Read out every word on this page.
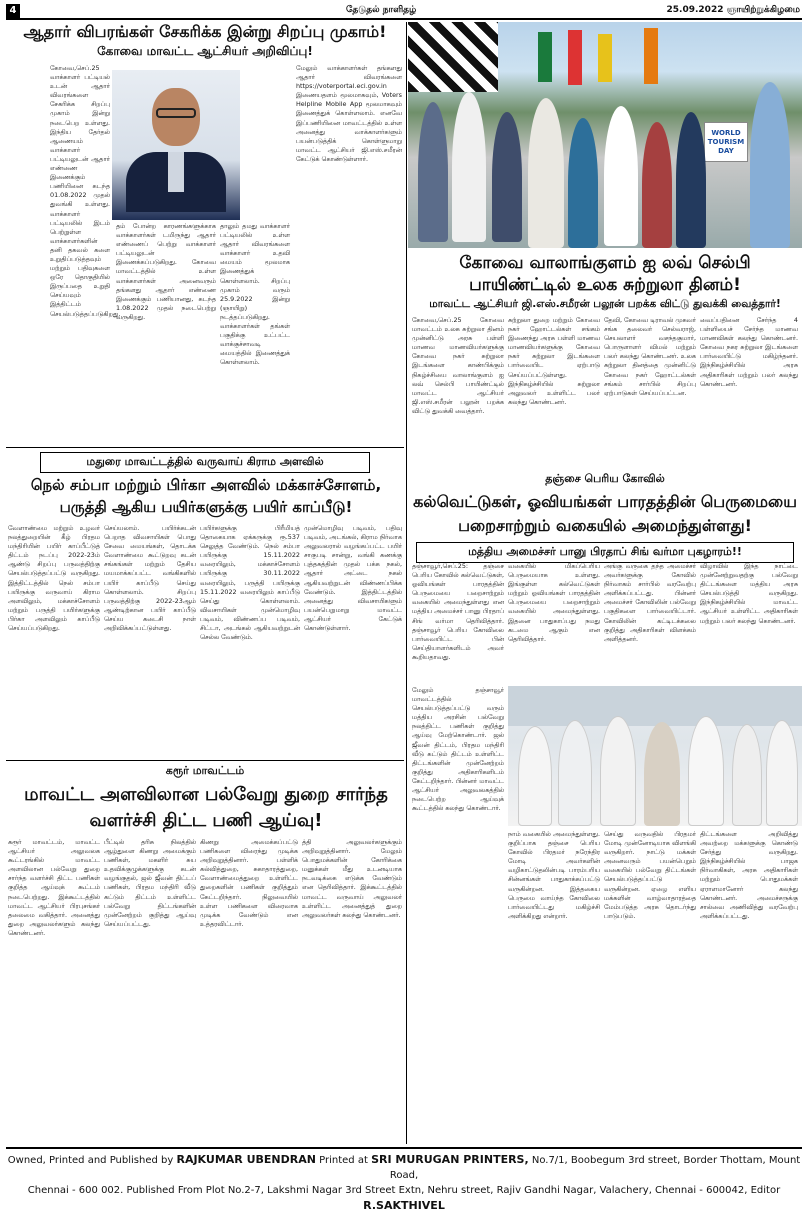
4	தேடுதல் நாளிதழ்	25.09.2022 ஞாயிற்றுக்கிழமை
ஆதார் விபரங்கள் சேகரிக்க இன்று சிறப்பு முகாம்!
கோவை மாவட்ட ஆட்சியர் அறிவிப்பு!
கோவை,செப்.25 வாக்காளர் பட்டியல் உடன் ஆதார் விவரங்களை சேகரிக்க சிறப்பு முகாம் இன்று நடைபெற உள்ளது. இந்திய தேர்தல் ஆணையம் வாக்காளர் பட்டியலுடன் ஆதார் எண்ணை இணைக்கும் பணியினை கடந்த 01.08.2022 முதல் துவங்கி உள்ளது. வாக்காளர் பட்டியலில் இடம் பெற்றுள்ள வாக்காளர்களின் தனி தகவல் களை உறுதிப்படுத்தவும் மற்றும் பதிவுகளை ஒரே தொகுதியில் இருப்பதை உறுதி செய்யவும் இத்திட்டம் செயல்படுத்தப்படுகிறது.
தம் போன்ற காரணங்களுக்காக வாக்காளர்கள் டமிருந்து ஆதார் எண்ணைப் பெற்று வாக்காளர் பட்டியலுடன் இணைக்கப்படுகிறது. கோவை மாவட்டத்தில் உள்ள வாக்காளர்கள் அனைவரும் தங்களது ஆதார் எண்ணை இணைக்கும் பணியானது, கடந்த 1.08.2022 முதல் நடைபெற்று வருகிறது.
தாலும் தமது வாக்காளர் பட்டியலில் உள்ள ஆதார் விவரங்களை வாக்காளர் உதவி மையம் மூலமாக இணைத்துக் கொள்ளலாம். சிறப்பு முகாம் வரும் 25.9.2022 இன்று (ஞாயிறு) நடத்தப்படுகிறது. வாக்காளர்கள் தங்கள் பகுதிக்கு உட்பட்ட வாக்குச்சாவடி மையத்தில் இணைத்துக் கொள்ளலாம்.
மேலும் வாக்காளர்கள் தங்களது ஆதார் விவரங்களை https://voterportal.eci.gov.in இணையதளம் மூலமாகவும், Voters Helpline Mobile App மூலமாகவும் இணைத்துக் கொள்ளலாம். எனவே இப்பணியினை மாவட்டத்தில் உள்ள அனைத்து வாக்காளர்களும் பயன்படுத்திக் கொள்ளுமாறு மாவட்ட ஆட்சியர் ஜி.எஸ்.சமீரன் கேட்டுக் கொண்டுள்ளார்.
WORLD TOURISM DAY
கோவை வாலாங்குளம் ஐ லவ் செல்பி பாயிண்ட்டில் உலக சுற்றுலா தினம்!
மாவட்ட ஆட்சியர் ஜி.எஸ்.சமீரன் பலூன் பறக்க விட்டு துவக்கி வைத்தார்!
கோவை,செப்.25 கோவை மாவட்டம் உலக சுற்றுலா தினம் முன்னிட்டு அரசு பள்ளி மாணவ மாணவியர்களுக்கு கோவை நகர் சுற்றுலா இடங்களை காண்பிக்கும் நிகழ்ச்சியை வாலாங்குளம் ஐ லவ் செல்பி பாயிண்ட்டில் மாவட்ட ஆட்சியர் ஜி.எஸ்.சமீரன் பலூன் பறக்க விட்டு துவக்கி வைத்தார்.
சுற்றுலா துறை மற்றும் கோவை நகர் ஹோட்டல்கள் சங்கம் இணைந்து அரசு பள்ளி மாணவ மாணவியர்களுக்கு கோவை நகர் சுற்றுலா இடங்களை பார்வையிட ஏற்பாடு செய்யப்பட்டுள்ளது. இந்நிகழ்ச்சியில் சுற்றுலா அலுவலர் உள்ளிட்ட பலர் கலந்து கொண்டனர்.
தேவி, கோவை டிராவல் முகவர் சங்க தலைவர் செல்வராஜ், செயலாளர் வசந்தகுமார், பொருளாளர் விமல் மற்றும் பலர் கலந்து கொண்டனர். உலக சுற்றுலா தினத்தை முன்னிட்டு கோவை நகர் ஹோட்டல்கள் சங்கம் சார்பில் சிறப்பு ஏற்பாடுகள் செய்யப்பட்டன.
வைப்பதினை சேர்ந்த 4 பள்ளியைச் சேர்ந்த மாணவ மாணவிகள் கலந்து கொண்டனர். கோவை நகர சுற்றுலா இடங்களை பார்வையிட்டு மகிழ்ந்தனர். இந்நிகழ்ச்சியில் அரசு அதிகாரிகள் மற்றும் பலர் கலந்து கொண்டனர்.
மதுரை மாவட்டத்தில் வருவாய் கிராம அளவில்
நெல் சம்பா மற்றும் பிர்கா அளவில் மக்காச்சோளம், பருத்தி ஆகிய பயிர்களுக்கு பயிர் காப்பீடு!
வேளாண்மை மற்றும் உழவர் நலத்துறையின் கீழ் பிரதம மந்திரியின் பயிர் காப்பீட்டுத் திட்டம் நடப்பு 2022-23ம் ஆண்டு சிறப்பு பருவத்திற்கு செயல்படுத்தப்பட்டு வருகிறது. இத்திட்டத்தில் நெல் சம்பா பயிருக்கு வருவாய் கிராம அளவிலும், மக்காச்சோளம் மற்றும் பருத்தி பயிர்களுக்கு பிர்கா அளவிலும் காப்பீடு செய்யப்படுகிறது.
செய்யலாம். பயிர்க்கடன் பெறாத விவசாயிகள் பொது சேவை மையங்கள், தொடக்க வேளாண்மை கூட்டுறவு கடன் சங்கங்கள் மற்றும் தேசிய மயமாக்கப்பட்ட வங்கிகளில் பயிர் காப்பீடு செய்து கொள்ளலாம். சிறப்பு பருவத்திற்கு 2022-23ஆம் ஆண்டிற்கான பயிர் காப்பீடு செய்ய கடைசி நாள் அறிவிக்கப்பட்டுள்ளது.
பயிர்களுக்கு பிரீமியத் தொகையாக ஏக்கருக்கு ரூ.537 செலுத்த வேண்டும். நெல் சம்பா பயிருக்கு 15.11.2022 வரையிலும், மக்காச்சோளம் பயிருக்கு 30.11.2022 வரையிலும், பருத்தி பயிருக்கு 15.11.2022 வரையிலும் காப்பீடு செய்து கொள்ளலாம். விவசாயிகள் முன்மொழிவு படிவம், விண்ணப்ப படிவம், சிட்டா, அடங்கல் ஆகியவற்றுடன் செல்ல வேண்டும்.
முன்மொழிவு படிவம், பதிவு படிவம், அடங்கல், கிராம நிர்வாக அலுவலரால் வழங்கப்பட்ட பயிர் சாகுபடி சான்று, வங்கி கணக்கு புத்தகத்தின் முதல் பக்க நகல், ஆதார் அட்டை நகல் ஆகியவற்றுடன் விண்ணப்பிக்க வேண்டும். இத்திட்டத்தில் அனைத்து விவசாயிகளும் பயன்பெறுமாறு மாவட்ட ஆட்சியர் கேட்டுக் கொண்டுள்ளார்.
தஞ்சை பெரிய கோவில்
கல்வெட்டுகள், ஓவியங்கள் பாரதத்தின் பெருமையை பறைசாற்றும் வகையில் அமைந்துள்ளது!
மத்திய அமைச்சர் பானு பிரதாப் சிங் வர்மா புகழாரம்!!
தஞ்சாவூர்,செப்.25: தஞ்சை பெரிய கோவில் கல்வெட்டுகள், ஓவியங்கள் பாரதத்தின் பெருமையை பறைசாற்றும் வகையில் அமைந்துள்ளது என மத்திய அமைச்சர் பானு பிரதாப் சிங் வர்மா தெரிவித்தார். தஞ்சாவூர் பெரிய கோவிலை பார்வையிட்ட பின் செய்தியாளர்களிடம் அவர் கூறியதாவது.
வகையில் மிகப்பெரிய பெருமையாக உள்ளது. இங்குள்ள கல்வெட்டுகள் மற்றும் ஓவியங்கள் பாரதத்தின் பெருமையை பறைசாற்றும் வகையில் அமைந்துள்ளது. இதனை பாதுகாப்பது நமது கடமை ஆகும் என தெரிவித்தார்.
அங்கு வருகை தந்த அமைச்சர் அவர்களுக்கு கோவில் நிர்வாகம் சார்பில் வரவேற்பு அளிக்கப்பட்டது. பின்னர் அமைச்சர் கோவிலின் பல்வேறு பகுதிகளை பார்வையிட்டார். கோவிலின் கட்டிடக்கலை குறித்து அதிகாரிகள் விளக்கம் அளித்தனர்.
விழாவில் இந்த நாட்டை முன்னேற்றுவதற்கு பல்வேறு திட்டங்களை மத்திய அரசு செயல்படுத்தி வருகிறது. இந்நிகழ்ச்சியில் மாவட்ட ஆட்சியர் உள்ளிட்ட அதிகாரிகள் மற்றும் பலர் கலந்து கொண்டனர்.
மேலும் தஞ்சாவூர் மாவட்டத்தில் செயல்படுத்தப்பட்டு வரும் மத்திய அரசின் பல்வேறு நலத்திட்ட பணிகள் குறித்து ஆய்வு மேற்கொண்டார். ஜல் ஜீவன் திட்டம், பிரதம மந்திரி வீடு கட்டும் திட்டம் உள்ளிட்ட திட்டங்களின் முன்னேற்றம் குறித்து அதிகாரிகளிடம் கேட்டறிந்தார். பின்னர் மாவட்ட ஆட்சியர் அலுவலகத்தில் நடைபெற்ற ஆய்வுக் கூட்டத்தில் கலந்து கொண்டார்.
நாம் வகையில் அமைந்துள்ளது. குறிப்பாக தஞ்சை பெரிய கோவில் பிரதமர் நரேந்திர மோடி அவர்களின் வழிகாட்டுதலின்படி பாரம்பரிய சின்னங்கள் பாதுகாக்கப்பட்டு வருகின்றன. இத்தகைய பெருமை வாய்ந்த கோவிலை பார்வையிட்டது மகிழ்ச்சி அளிக்கிறது என்றார்.
செய்து வருவதில் பிரதமர் மோடி முன்னோடியாக விளங்கி வருகிறார். நாட்டு மக்கள் அனைவரும் பயன்பெறும் வகையில் பல்வேறு திட்டங்கள் செயல்படுத்தப்பட்டு வருகின்றன. ஏழை எளிய மக்களின் வாழ்வாதாரத்தை மேம்படுத்த அரசு தொடர்ந்து பாடுபடும்.
திட்டங்களை அறிவித்து அவற்றை மக்களுக்கு கொண்டு சேர்த்து வருகிறது. இந்நிகழ்ச்சியில் பாஜக நிர்வாகிகள், அரசு அதிகாரிகள் மற்றும் பொதுமக்கள் ஏராளமானோர் கலந்து கொண்டனர். அமைச்சருக்கு சால்வை அணிவித்து வரவேற்பு அளிக்கப்பட்டது.
கரூர் மாவட்டம்
மாவட்ட அளவிலான பல்வேறு துறை சார்ந்த வளர்ச்சி திட்ட பணி ஆய்வு!
கரூர் மாவட்டம், மாவட்ட ஆட்சியர் அலுவலக கூட்டரங்கில் மாவட்ட அளவிலான பல்வேறு துறை சார்ந்த வளர்ச்சி திட்ட பணிகள் குறித்த ஆய்வுக் கூட்டம் நடைபெற்றது. இக்கூட்டத்தில் மாவட்ட ஆட்சியர் பிரபுசங்கர் தலைமை வகித்தார். அனைத்து துறை அலுவலர்களும் கலந்து கொண்டனர்.
பீட்டில் தரிசு நிலத்தில் ஆழ்துளை கிணறு அமைக்கும் பணிகள், மகளிர் சுய உதவிக்குழுக்களுக்கு கடன் வழங்குதல், ஜல் ஜீவன் திட்டப் பணிகள், பிரதம மந்திரி வீடு கட்டும் திட்டம் உள்ளிட்ட பல்வேறு திட்டங்களின் முன்னேற்றம் குறித்து ஆய்வு செய்யப்பட்டது.
கிணறு அமைக்கப்பட்டு பணிகளை விரைந்து முடிக்க அறிவுறுத்தினார். பள்ளிக் கல்வித்துறை, சுகாதாரத்துறை, வேளாண்மைத்துறை உள்ளிட்ட துறைகளின் பணிகள் குறித்தும் கேட்டறிந்தார். நிலுவையில் உள்ள பணிகளை விரைவாக முடிக்க வேண்டும் என உத்தரவிட்டார்.
த்தி அலுவலர்களுக்கும் அறிவுறுத்தினார். மேலும் பொதுமக்களின் கோரிக்கை மனுக்கள் மீது உடனடியாக நடவடிக்கை எடுக்க வேண்டும் என தெரிவித்தார். இக்கூட்டத்தில் மாவட்ட வருவாய் அலுவலர் உள்ளிட்ட அனைத்துத் துறை அலுவலர்கள் கலந்து கொண்டனர்.
Owned, Printed and Published by RAJKUMAR UBENDRAN Printed at SRI MURUGAN PRINTERS, No.7/1, Boobegum 3rd street, Border Thottam, Mount Road,
Chennai - 600 002. Published From Plot No.2-7, Lakshmi Nagar 3rd Street Extn, Nehru street, Rajiv Gandhi Nagar, Valachery, Chennai - 600042, Editor R.SAKTHIVEL
